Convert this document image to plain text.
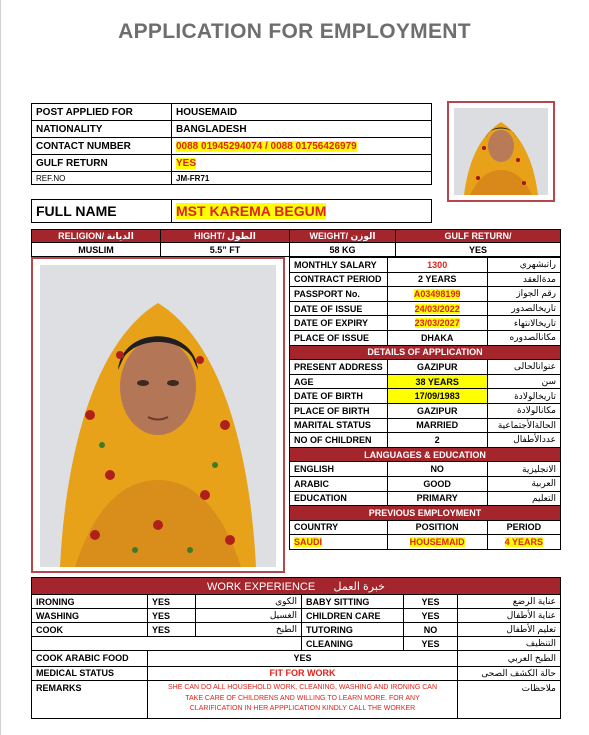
APPLICATION FOR EMPLOYMENT
POST APPLIED FOR	HOUSEMAID
NATIONALITY	BANGLADESH
CONTACT NUMBER	0088 01945294074 / 0088 01756426979
GULF RETURN	YES
REF.NO	JM-FR71
FULL NAME	MST KAREMA BEGUM
RELIGION/ الديانة	HIGHT/ الطول	WEIGHT/ الوزن	GULF RETURN/
MUSLIM	5.5” FT	58 KG	YES
MONTHLY SALARY	1300	راتبشهري
CONTRACT PERIOD	2 YEARS	مدةالعقد
PASSPORT No.	A03498199	رقم الجواز
DATE OF ISSUE	24/03/2022	تاريخالصدور
DATE OF EXPIRY	23/03/2027	تاريخالانتهاء
PLACE OF ISSUE	DHAKA	مكانالصدوره
DETAILS OF APPLICATION		
PRESENT ADDRESS	GAZIPUR	عنوانالحالى
AGE	38 YEARS	سن
DATE OF BIRTH	17/09/1983	تاريخالولادة
PLACE OF BIRTH	GAZIPUR	مكانالولادة
MARITAL STATUS	MARRIED	الحالةالأجتماعية
NO OF CHILDREN	2	عددالأطفال
LANGUAGES & EDUCATION		
ENGLISH	NO	الانجليزية
ARABIC	GOOD	العربية
EDUCATION	PRIMARY	التعليم
PREVIOUS EMPLOYMENT		
COUNTRY	POSITION	PERIOD
SAUDI	HOUSEMAID	4 YEARS
WORK EXPERIENCE خبرة العمل					
IRONING	YES	الكوى	BABY SITTING	YES	عناية الرضع
WASHING	YES	الغسيل	CHILDREN CARE	YES	عناية الأطفال
COOK	YES	الطبخ	TUTORING	NO	تعليم الأطفال
			CLEANING	YES	التنظيف
COOK ARABIC FOOD	YES				الطبخ العربي
MEDICAL STATUS	FIT FOR WORK				حالة الكشف الصحى
REMARKS	SHE CAN DO ALL HOUSEHOLD WORK, CLEANING, WASHING AND IRONING CAN
TAKE CARE OF CHILDRENS AND WILLING TO LEARN MORE. FOR ANY
CLARIFICATION IN HER APPPLICATION KINDLY CALL THE WORKER				ملاحظات
